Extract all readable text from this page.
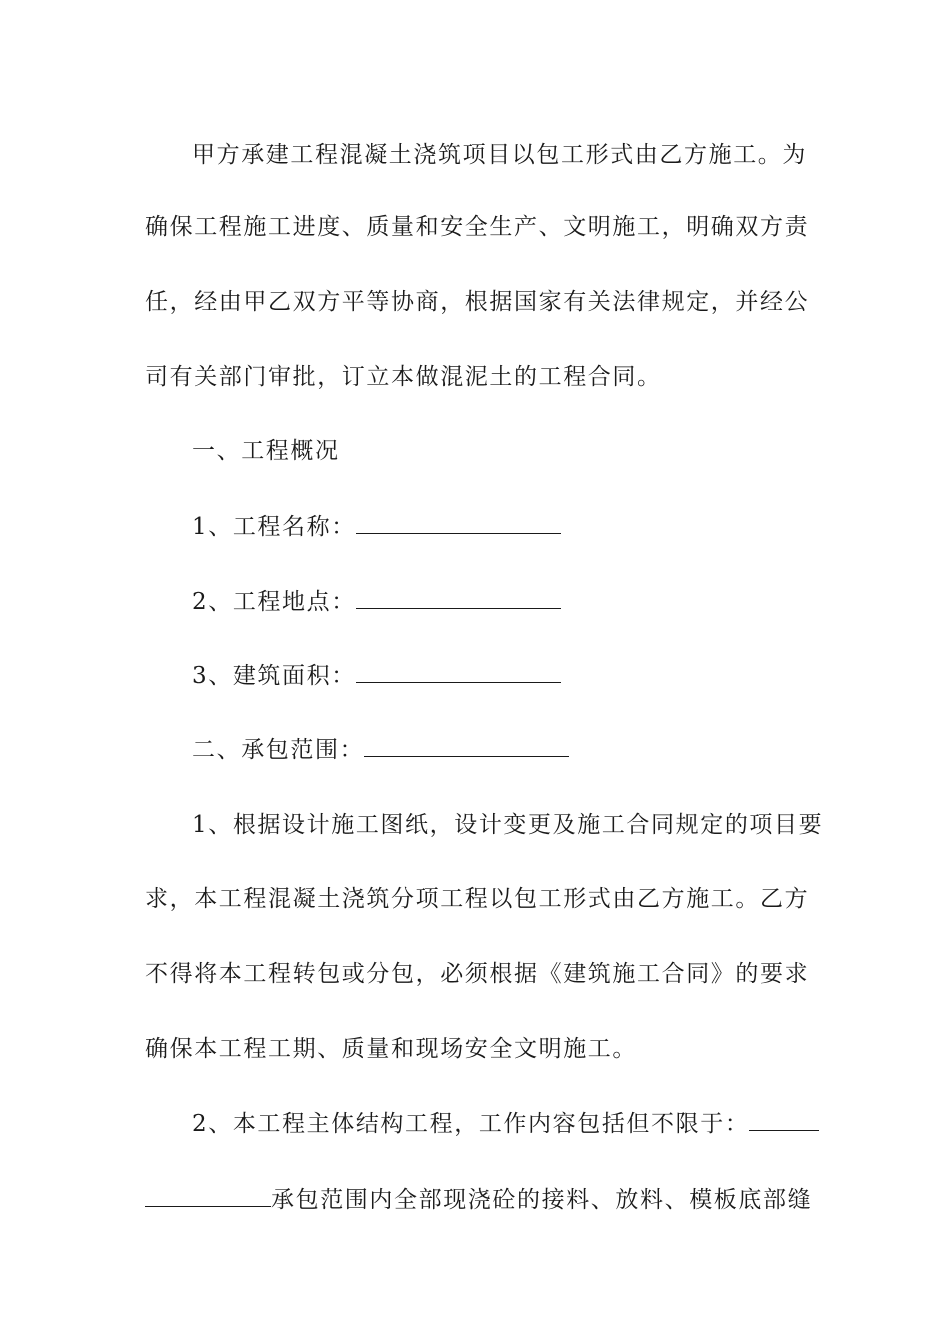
甲方承建工程混凝土浇筑项目以包工形式由乙方施工。为
确保工程施工进度、质量和安全生产、文明施工，明确双方责
任，经由甲乙双方平等协商，根据国家有关法律规定，并经公
司有关部门审批，订立本做混泥土的工程合同。
一、工程概况
1、工程名称：
2、工程地点：
3、建筑面积：
二、承包范围：
1、根据设计施工图纸，设计变更及施工合同规定的项目要
求，本工程混凝土浇筑分项工程以包工形式由乙方施工。乙方
不得将本工程转包或分包，必须根据《建筑施工合同》的要求
确保本工程工期、质量和现场安全文明施工。
2、本工程主体结构工程，工作内容包括但不限于：
承包范围内全部现浇砼的接料、放料、模板底部缝
